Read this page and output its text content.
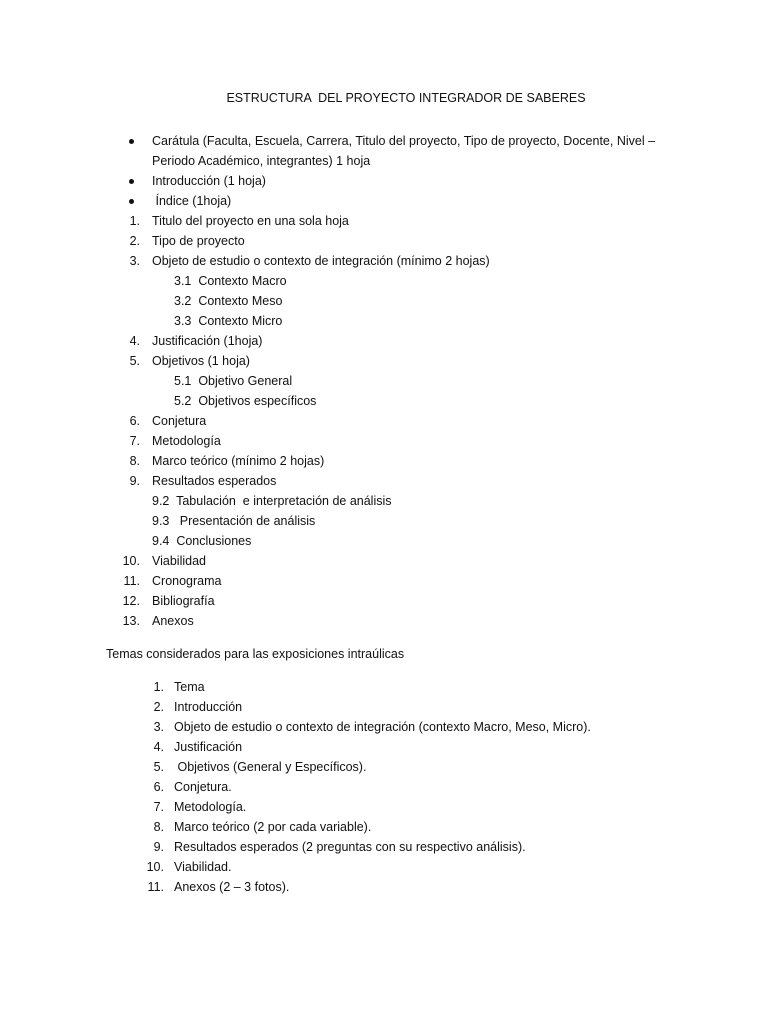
ESTRUCTURA  DEL PROYECTO INTEGRADOR DE SABERES
Carátula (Faculta, Escuela, Carrera, Titulo del proyecto, Tipo de proyecto, Docente, Nivel –
Periodo Académico, integrantes) 1 hoja
Introducción (1 hoja)
Índice (1hoja)
1. Titulo del proyecto en una sola hoja
2. Tipo de proyecto
3. Objeto de estudio o contexto de integración (mínimo 2 hojas)
3.1  Contexto Macro
3.2  Contexto Meso
3.3  Contexto Micro
4. Justificación (1hoja)
5. Objetivos (1 hoja)
5.1  Objetivo General
5.2  Objetivos específicos
6. Conjetura
7. Metodología
8. Marco teórico (mínimo 2 hojas)
9. Resultados esperados
9.2  Tabulación  e interpretación de análisis
9.3   Presentación de análisis
9.4  Conclusiones
10. Viabilidad
11. Cronograma
12. Bibliografía
13. Anexos
Temas considerados para las exposiciones intraúlicas
1. Tema
2. Introducción
3. Objeto de estudio o contexto de integración (contexto Macro, Meso, Micro).
4. Justificación
5. Objetivos (General y Específicos).
6. Conjetura.
7. Metodología.
8. Marco teórico (2 por cada variable).
9. Resultados esperados (2 preguntas con su respectivo análisis).
10. Viabilidad.
11. Anexos (2 – 3 fotos).
